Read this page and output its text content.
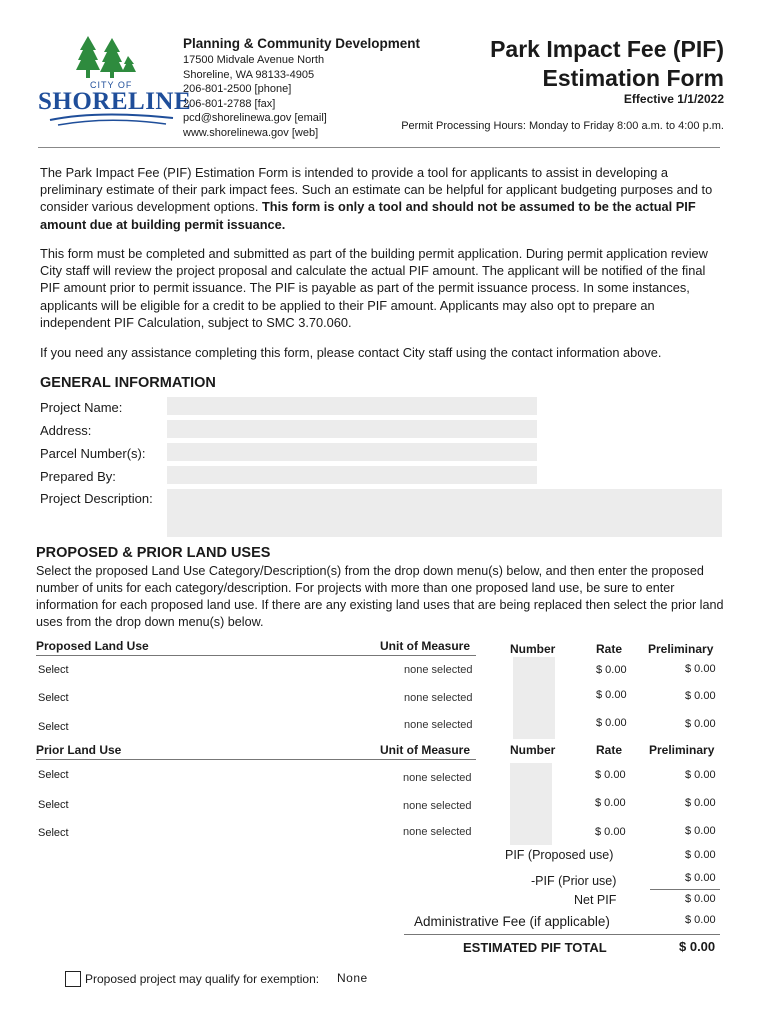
CITY OF
SHORELINE
Planning & Community Development
17500 Midvale Avenue North
Shoreline, WA 98133-4905
206-801-2500 [phone]
206-801-2788 [fax]
pcd@shorelinewa.gov [email]
www.shorelinewa.gov [web]
Park Impact Fee (PIF)
Estimation Form
Effective 1/1/2022
Permit Processing Hours: Monday to Friday 8:00 a.m. to 4:00 p.m.
The Park Impact Fee (PIF) Estimation Form is intended to provide a tool for applicants to assist in developing a preliminary estimate of their park impact fees. Such an estimate can be helpful for applicant budgeting purposes and to consider various development options. This form is only a tool and should not be assumed to be the actual PIF amount due at building permit issuance.
This form must be completed and submitted as part of the building permit application. During permit application review City staff will review the project proposal and calculate the actual PIF amount. The applicant will be notified of the final PIF amount prior to permit issuance. The PIF is payable as part of the permit issuance process. In some instances, applicants will be eligible for a credit to be applied to their PIF amount. Applicants may also opt to prepare an independent PIF Calculation, subject to SMC 3.70.060.
If you need any assistance completing this form, please contact City staff using the contact information above.
GENERAL INFORMATION
Project Name:
Address:
Parcel Number(s):
Prepared By:
Project Description:
PROPOSED & PRIOR LAND USES
Select the proposed Land Use Category/Description(s) from the drop down menu(s) below, and then enter the proposed number of units for each category/description. For projects with more than one proposed land use, be sure to enter information for each proposed land use. If there are any existing land uses that are being replaced then select the prior land uses from the drop down menu(s) below.
Proposed Land Use	Unit of Measure	Number	Rate Preliminary
Select	none selected	$ 0.00	$ 0.00
Select	none selected	$ 0.00	$ 0.00
Select	none selected	$ 0.00	$ 0.00
Prior Land Use	Unit of Measure	Number	Rate Preliminary
Select	none selected	$ 0.00	$ 0.00
Select	none selected	$ 0.00	$ 0.00
Select	none selected	$ 0.00	$ 0.00
PIF (Proposed use)	$ 0.00
-PIF (Prior use)	$ 0.00
Net PIF	$ 0.00
Administrative Fee (if applicable)	$ 0.00
ESTIMATED PIF TOTAL	$ 0.00
Proposed project may qualify for exemption: None
